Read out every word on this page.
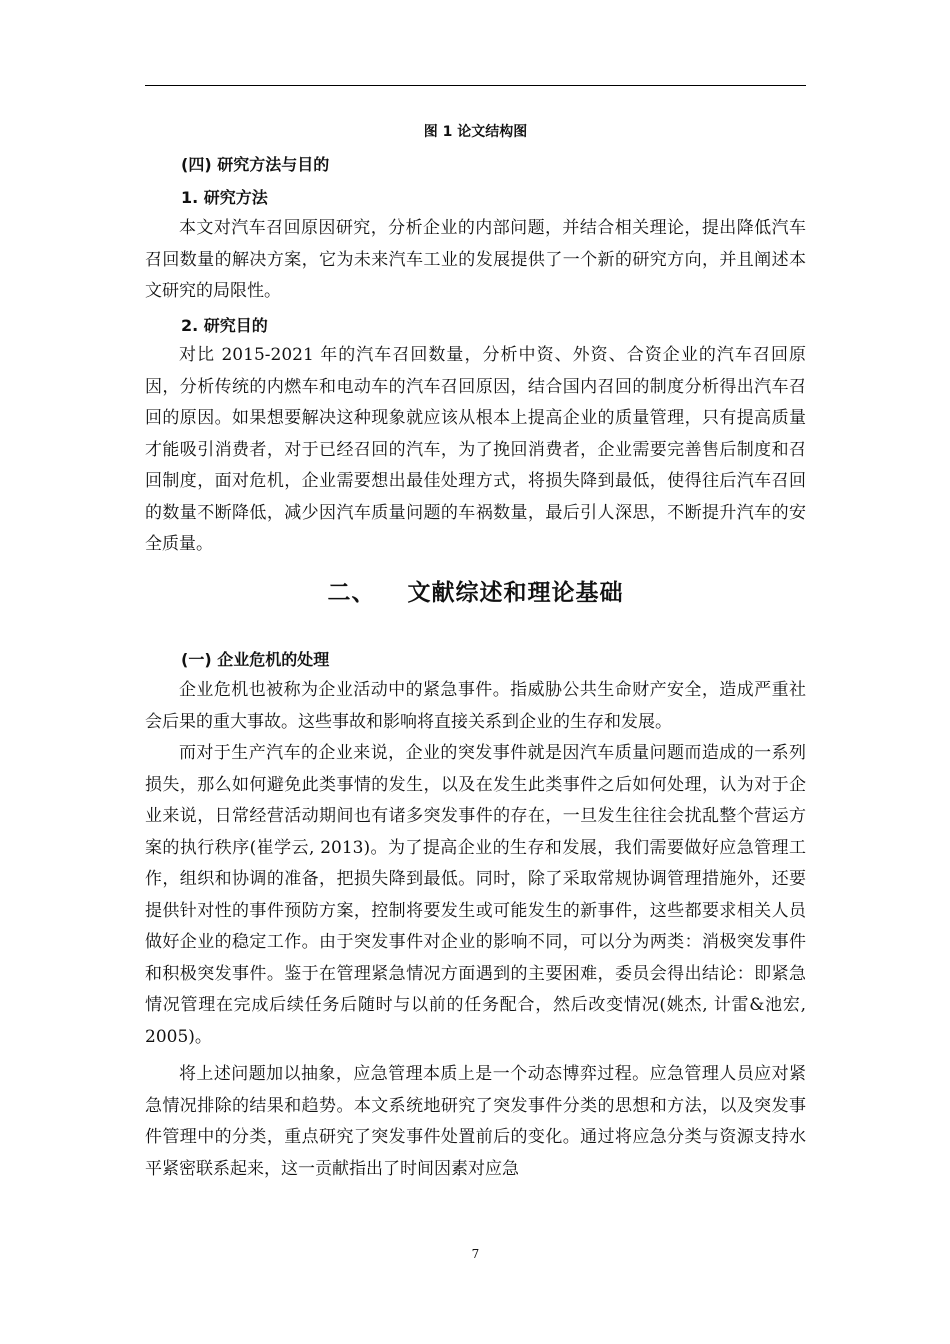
图 1 论文结构图
(四) 研究方法与目的
1. 研究方法

本文对汽车召回原因研究，分析企业的内部问题，并结合相关理论，提出降低汽车召回数量的解决方案，它为未来汽车工业的发展提供了一个新的研究方向，并且阐述本文研究的局限性。

2. 研究目的

对比 2015-2021 年的汽车召回数量，分析中资、外资、合资企业的汽车召回原因，分析传统的内燃车和电动车的汽车召回原因，结合国内召回的制度分析得出汽车召回的原因。如果想要解决这种现象就应该从根本上提高企业的质量管理，只有提高质量才能吸引消费者，对于已经召回的汽车，为了挽回消费者，企业需要完善售后制度和召回制度，面对危机，企业需要想出最佳处理方式，将损失降到最低，使得往后汽车召回的数量不断降低，减少因汽车质量问题的车祸数量，最后引人深思，不断提升汽车的安全质量。

二、 文献综述和理论基础
(一) 企业危机的处理

企业危机也被称为企业活动中的紧急事件。指威胁公共生命财产安全，造成严重社会后果的重大事故。这些事故和影响将直接关系到企业的生存和发展。

而对于生产汽车的企业来说，企业的突发事件就是因汽车质量问题而造成的一系列损失，那么如何避免此类事情的发生，以及在发生此类事件之后如何处理，认为对于企业来说，日常经营活动期间也有诸多突发事件的存在，一旦发生往往会扰乱整个营运方案的执行秩序(崔学云, 2013)。为了提高企业的生存和发展，我们需要做好应急管理工作，组织和协调的准备，把损失降到最低。同时，除了采取常规协调管理措施外，还要提供针对性的事件预防方案，控制将要发生或可能发生的新事件，这些都要求相关人员做好企业的稳定工作。由于突发事件对企业的影响不同，可以分为两类：消极突发事件和积极突发事件。鉴于在管理紧急情况方面遇到的主要困难，委员会得出结论：即紧急情况管理在完成后续任务后随时与以前的任务配合，然后改变情况(姚杰, 计雷&池宏, 2005)。

将上述问题加以抽象，应急管理本质上是一个动态博弈过程。应急管理人员应对紧急情况排除的结果和趋势。本文系统地研究了突发事件分类的思想和方法，以及突发事件管理中的分类，重点研究了突发事件处置前后的变化。通过将应急分类与资源支持水平紧密联系起来，这一贡献指出了时间因素对应急

7
